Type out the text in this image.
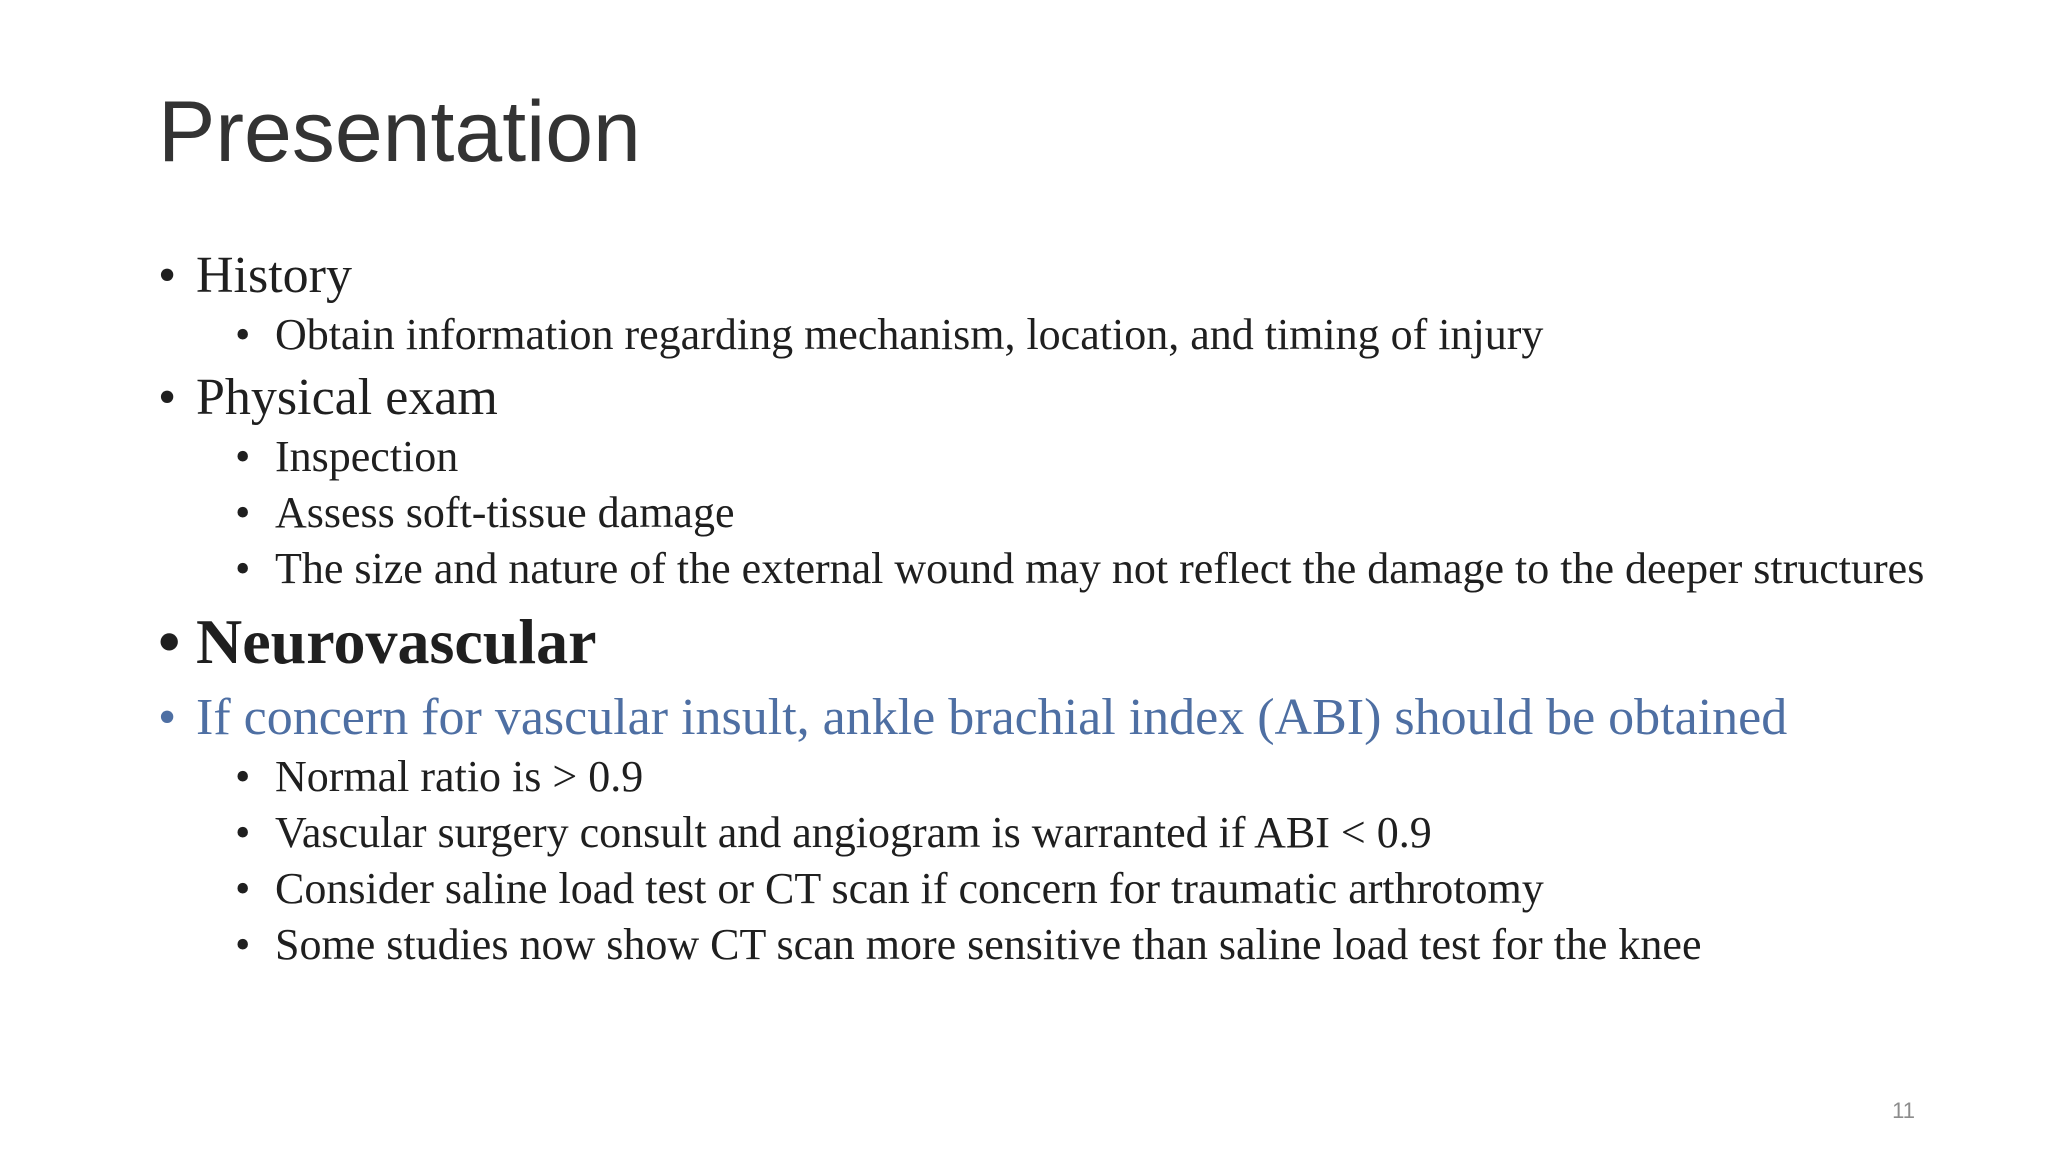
Presentation
• History
• Obtain information regarding mechanism, location, and timing of injury
• Physical exam
• Inspection
• Assess soft-tissue damage
• The size and nature of the external wound may not reflect the damage to the deeper structures
• Neurovascular
• If concern for vascular insult, ankle brachial index (ABI) should be obtained
• Normal ratio is > 0.9
• Vascular surgery consult and angiogram is warranted if ABI < 0.9
• Consider saline load test or CT scan if concern for traumatic arthrotomy
• Some studies now show CT scan more sensitive than saline load test for the knee
11
